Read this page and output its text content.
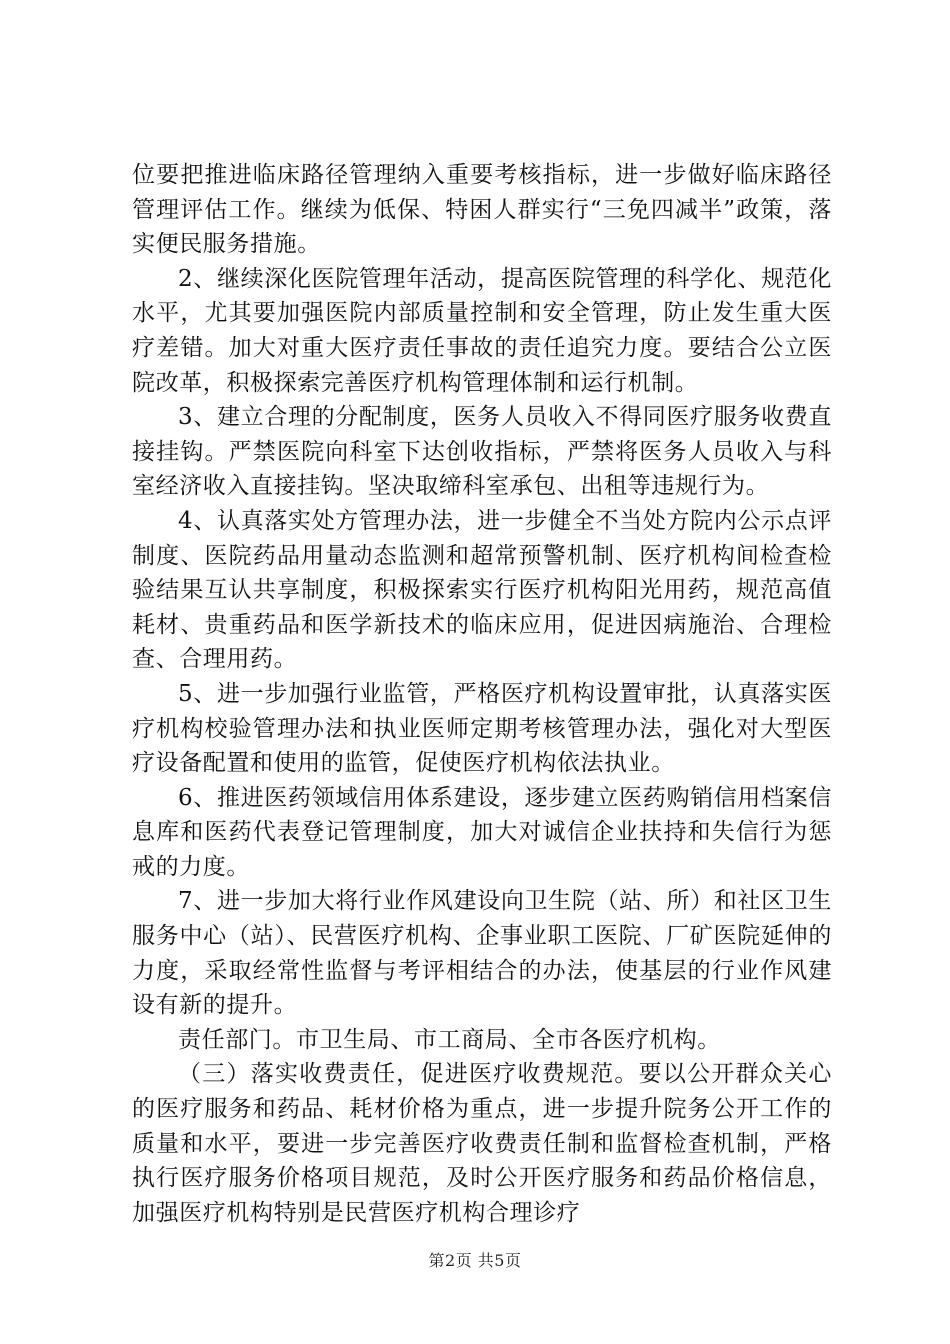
位要把推进临床路径管理纳入重要考核指标，进一步做好临床路径管理评估工作。继续为低保、特困人群实行“三免四减半”政策，落实便民服务措施。

2、继续深化医院管理年活动，提高医院管理的科学化、规范化水平，尤其要加强医院内部质量控制和安全管理，防止发生重大医疗差错。加大对重大医疗责任事故的责任追究力度。要结合公立医院改革，积极探索完善医疗机构管理体制和运行机制。

3、建立合理的分配制度，医务人员收入不得同医疗服务收费直接挂钩。严禁医院向科室下达创收指标，严禁将医务人员收入与科室经济收入直接挂钩。坚决取缔科室承包、出租等违规行为。

4、认真落实处方管理办法，进一步健全不当处方院内公示点评制度、医院药品用量动态监测和超常预警机制、医疗机构间检查检验结果互认共享制度，积极探索实行医疗机构阳光用药，规范高值耗材、贵重药品和医学新技术的临床应用，促进因病施治、合理检查、合理用药。

5、进一步加强行业监管，严格医疗机构设置审批，认真落实医疗机构校验管理办法和执业医师定期考核管理办法，强化对大型医疗设备配置和使用的监管，促使医疗机构依法执业。

6、推进医药领域信用体系建设，逐步建立医药购销信用档案信息库和医药代表登记管理制度，加大对诚信企业扶持和失信行为惩戒的力度。

7、进一步加大将行业作风建设向卫生院（站、所）和社区卫生服务中心（站）、民营医疗机构、企事业职工医院、厂矿医院延伸的力度，采取经常性监督与考评相结合的办法，使基层的行业作风建设有新的提升。

责任部门。市卫生局、市工商局、全市各医疗机构。

（三）落实收费责任，促进医疗收费规范。要以公开群众关心的医疗服务和药品、耗材价格为重点，进一步提升院务公开工作的质量和水平，要进一步完善医疗收费责任制和监督检查机制，严格执行医疗服务价格项目规范，及时公开医疗服务和药品价格信息，加强医疗机构特别是民营医疗机构合理诊疗

第2页 共5页
